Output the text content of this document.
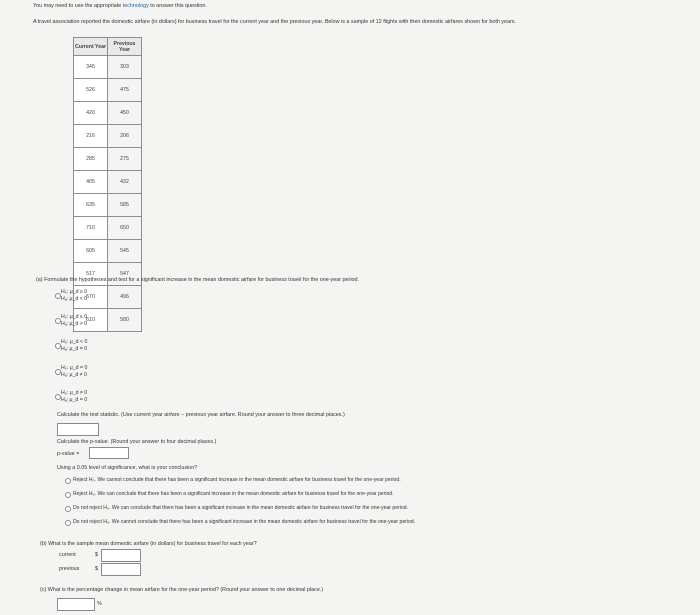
You may need to use the appropriate technology to answer this question.
A travel association reported the domestic airfare (in dollars) for business travel for the current year and the previous year. Below is a sample of 12 flights with their domestic airfares shown for both years.
Current Year	Previous Year
345	303
526	475
420	450
216	206
285	275
405	432
635	585
710	650
605	545
517	547
570	496
610	580
(a) Formulate the hypotheses and test for a significant increase in the mean domestic airfare for business travel for the one-year period.
H₀: μ_d ≥ 0
Hₐ: μ_d < 0
H₀: μ_d ≤ 0
Hₐ: μ_d > 0
H₀: μ_d < 0
Hₐ: μ_d = 0
H₀: μ_d = 0
Hₐ: μ_d ≠ 0
H₀: μ_d ≠ 0
Hₐ: μ_d = 0
Calculate the test statistic. (Use current year airfare − previous year airfare. Round your answer to three decimal places.)
Calculate the p-value. (Round your answer to four decimal places.)
p-value =
Using a 0.05 level of significance, what is your conclusion?
Reject H₀. We cannot conclude that there has been a significant increase in the mean domestic airfare for business travel for the one-year period.
Reject H₀. We can conclude that there has been a significant increase in the mean domestic airfare for business travel for the one-year period.
Do not reject H₀. We can conclude that there has been a significant increase in the mean domestic airfare for business travel for the one-year period.
Do not reject H₀. We cannot conclude that there has been a significant increase in the mean domestic airfare for business travel for the one-year period.
(b) What is the sample mean domestic airfare (in dollars) for business travel for each year?
current	$
previous	$
(c) What is the percentage change in mean airfare for the one-year period? (Round your answer to one decimal place.)
%
